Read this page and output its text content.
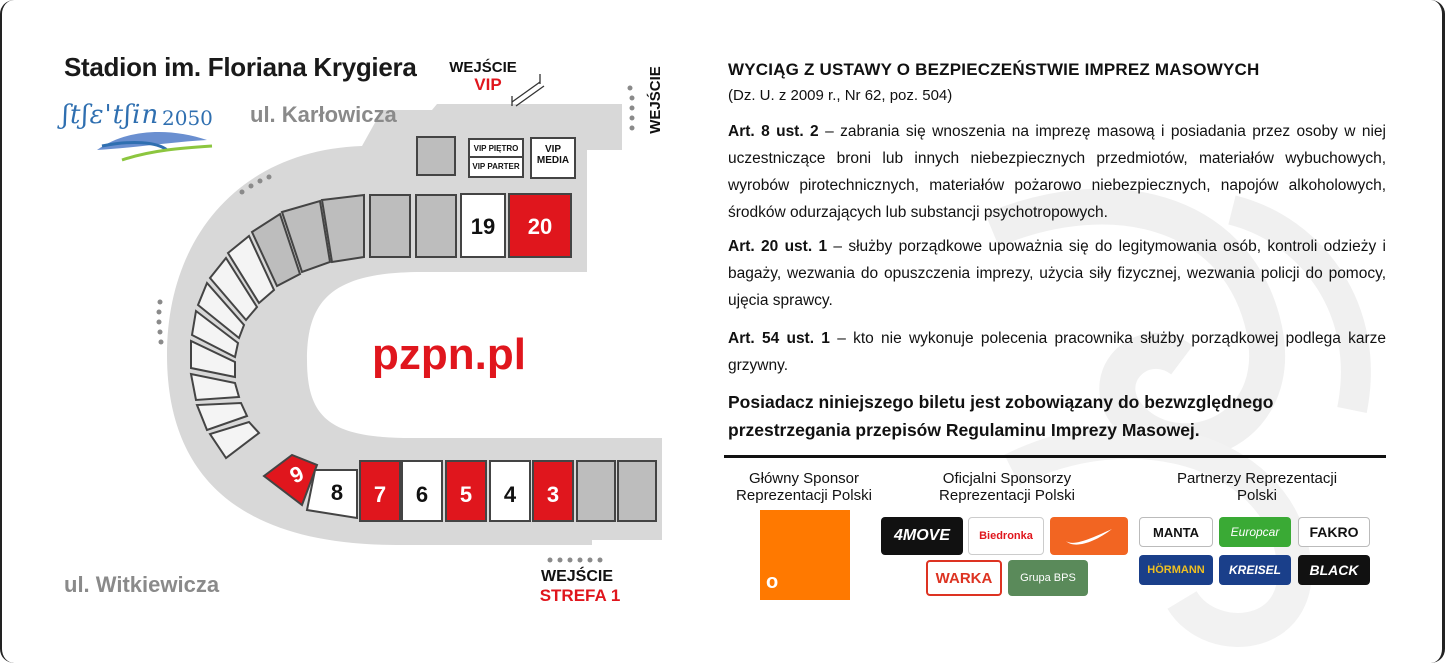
Stadion im. Floriana Krygiera
ʃtʃɛ'tʃin 2050 ul. Karłowicza
ul. Witkiewicza
pzpn.pl
WEJŚCIE
VIP	WEJŚCIE
WEJŚCIE
STREFA 1
VIP PIĘTRO
VIP PARTER
VIP
MEDIA
19	20
9
8	7	6	5	4	3
WYCIĄG Z USTAWY O BEZPIECZEŃSTWIE IMPREZ MASOWYCH
(Dz. U. z 2009 r., Nr 62, poz. 504)
Art. 8 ust. 2 – zabrania się wnoszenia na imprezę masową i posiadania przez osoby w niej uczestniczące broni lub innych niebezpiecznych przedmiotów, materiałów wybuchowych, wyrobów pirotechnicznych, materiałów pożarowo niebezpiecznych, napojów alkoholowych, środków odurzających lub substancji psychotropowych.
Art. 20 ust. 1 – służby porządkowe upoważnia się do legitymowania osób, kontroli odzieży i bagaży, wezwania do opuszczenia imprezy, użycia siły fizycznej, wezwania policji do pomocy, ujęcia sprawcy.
Art. 54 ust. 1 – kto nie wykonuje polecenia pracownika służby porządkowej podlega karze grzywny.
Posiadacz niniejszego biletu jest zobowiązany do bezwzględnego przestrzegania przepisów Regulaminu Imprezy Masowej.
Główny Sponsor Reprezentacji Polski
Oficjalni Sponsorzy Reprezentacji Polski
Partnerzy Reprezentacji Polski
o
4MOVE	Biedronka
WARKA	Grupa BPS
MANTA	Europcar	FAKRO
HÖRMANN	KREISEL	BLACK
